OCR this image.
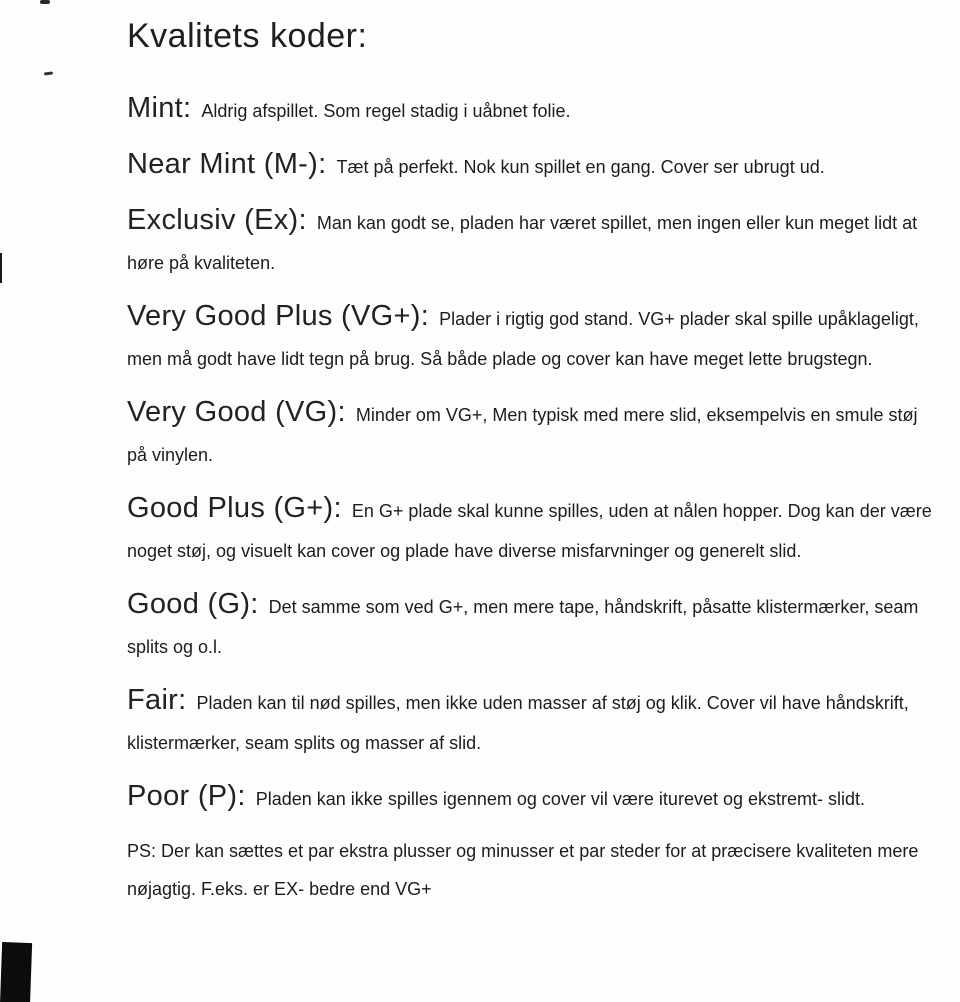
Kvalitets koder:

Mint: Aldrig afspillet. Som regel stadig i uåbnet folie.

Near Mint (M-): Tæt på perfekt. Nok kun spillet en gang. Cover ser ubrugt ud.

Exclusiv (Ex): Man kan godt se, pladen har været spillet, men ingen eller kun meget lidt at høre på kvaliteten.

Very Good Plus (VG+): Plader i rigtig god stand. VG+ plader skal spille upåklageligt, men må godt have lidt tegn på brug. Så både plade og cover kan have meget lette brugstegn.

Very Good (VG): Minder om VG+, Men typisk med mere slid, eksempelvis en smule støj på vinylen.

Good Plus (G+): En G+ plade skal kunne spilles, uden at nålen hopper. Dog kan der være noget støj, og visuelt kan cover og plade have diverse misfarvninger og generelt slid.

Good (G): Det samme som ved G+, men mere tape, håndskrift, påsatte klistermærker, seam splits og o.l.

Fair: Pladen kan til nød spilles, men ikke uden masser af støj og klik. Cover vil have håndskrift, klistermærker, seam splits og masser af slid.

Poor (P): Pladen kan ikke spilles igennem og cover vil være iturevet og ekstremt- slidt.

PS: Der kan sættes et par ekstra plusser og minusser et par steder for at præcisere kvaliteten mere nøjagtig. F.eks. er EX- bedre end VG+
